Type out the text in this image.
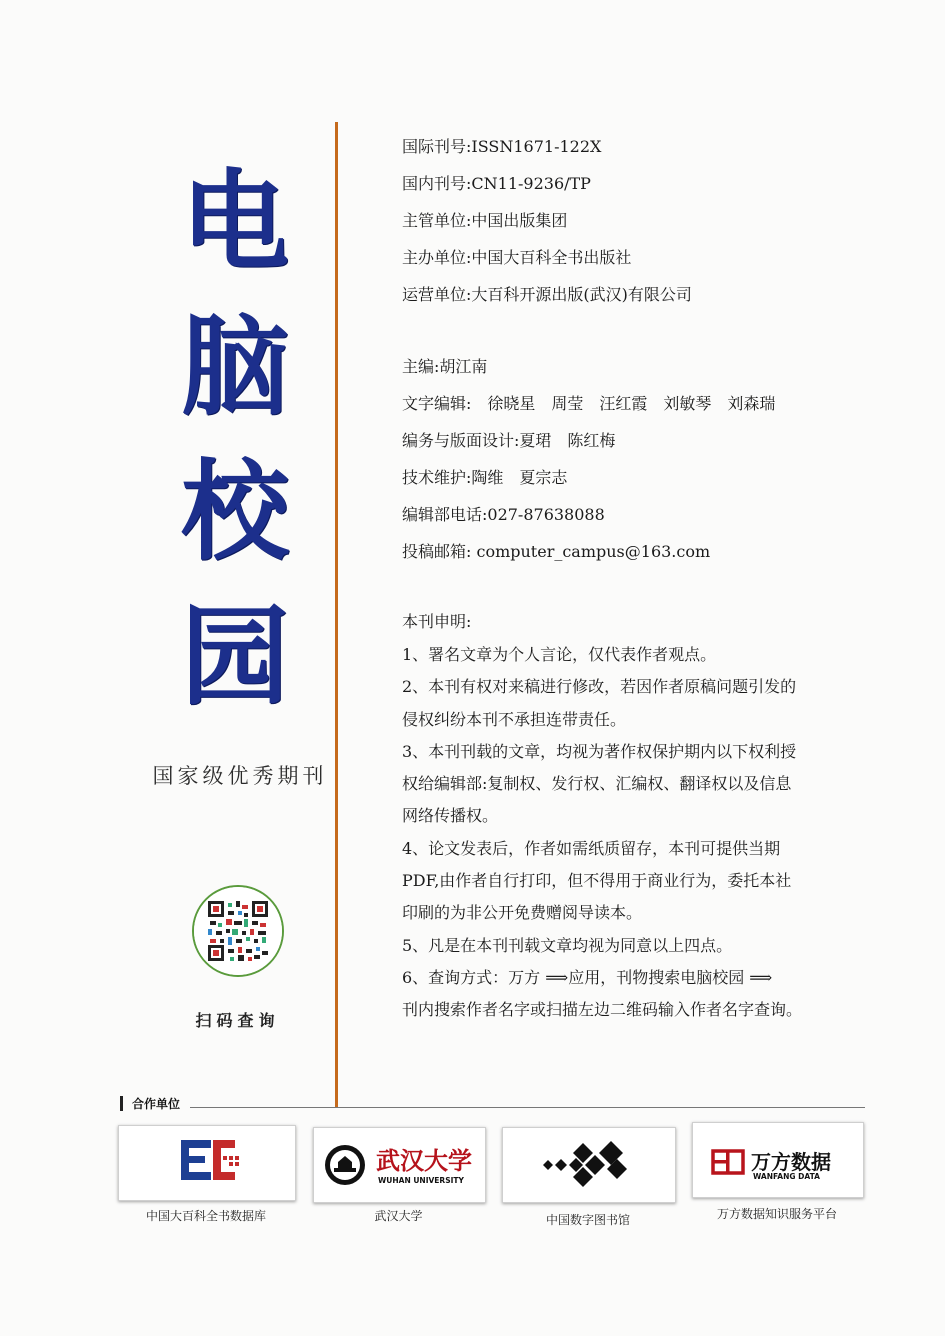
电
脑
校
园
国家级优秀期刊
扫码查询
国际刊号:ISSN1671-122X
国内刊号:CN11-9236/TP
主管单位:中国出版集团
主办单位:中国大百科全书出版社
运营单位:大百科开源出版(武汉)有限公司
主编:胡江南
文字编辑:　徐晓星　周莹　汪红霞　刘敏琴　刘森瑞
编务与版面设计:夏珺　陈红梅
技术维护:陶维　夏宗志
编辑部电话:027-87638088
投稿邮箱: computer_campus@163.com
本刊申明:
1、署名文章为个人言论，仅代表作者观点。
2、本刊有权对来稿进行修改，若因作者原稿问题引发的
侵权纠纷本刊不承担连带责任。
3、本刊刊载的文章，均视为著作权保护期内以下权利授
权给编辑部:复制权、发行权、汇编权、翻译权以及信息
网络传播权。
4、论文发表后，作者如需纸质留存，本刊可提供当期
PDF,由作者自行打印，但不得用于商业行为，委托本社
印刷的为非公开免费赠阅导读本。
5、凡是在本刊刊载文章均视为同意以上四点。
6、查询方式：万方 ⟹应用，刊物搜索电脑校园 ⟹
刊内搜索作者名字或扫描左边二维码输入作者名字查询。
合作单位
中国大百科全书数据库
武汉大学
WUHAN UNIVERSITY
武汉大学	中国数字图书馆
万方数据
WANFANG DATA
万方数据知识服务平台
